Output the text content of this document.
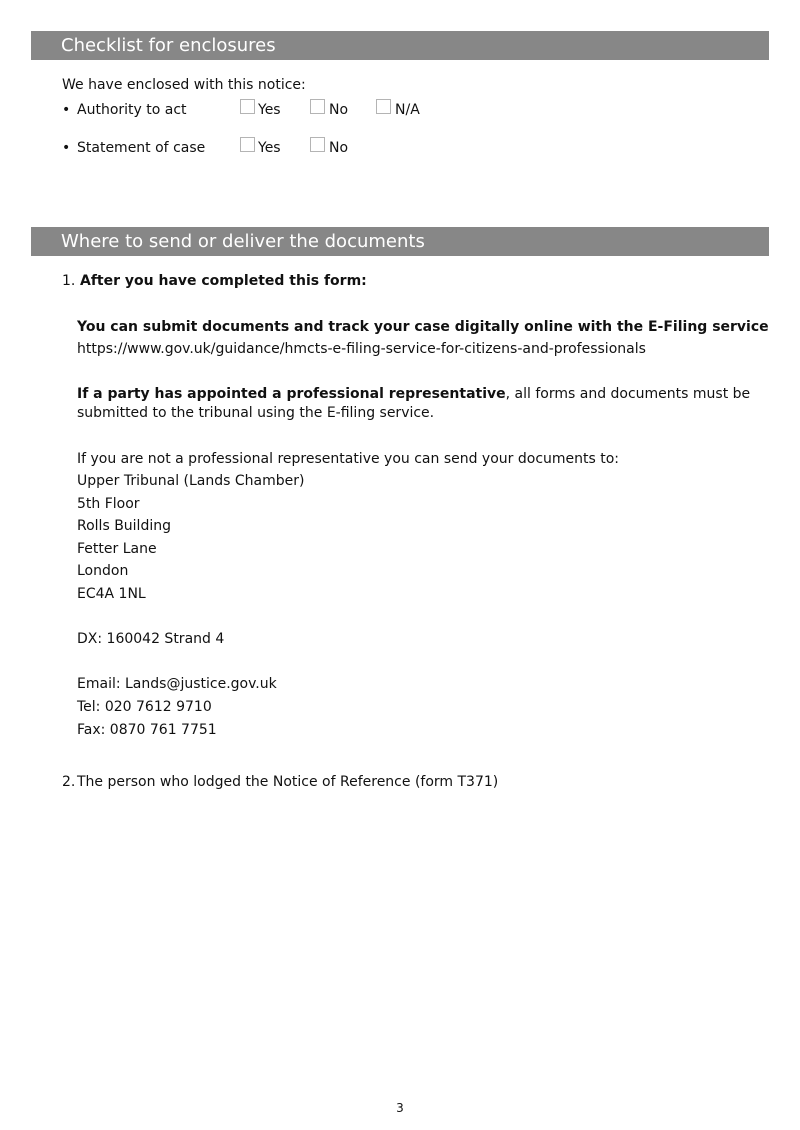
Checklist for enclosures
We have enclosed with this notice:
• Authority to act	Yes	No	N/A
• Statement of case	Yes	No
Where to send or deliver the documents
1. After you have completed this form:
You can submit documents and track your case digitally online with the E-Filing service
https://www.gov.uk/guidance/hmcts-e-filing-service-for-citizens-and-professionals
If a party has appointed a professional representative, all forms and documents must be submitted to the tribunal using the E-filing service.
If you are not a professional representative you can send your documents to:
Upper Tribunal (Lands Chamber)
5th Floor
Rolls Building
Fetter Lane
London
EC4A 1NL
DX: 160042 Strand 4
Email: Lands@justice.gov.uk
Tel: 020 7612 9710
Fax: 0870 761 7751
2. The person who lodged the Notice of Reference (form T371)
3
